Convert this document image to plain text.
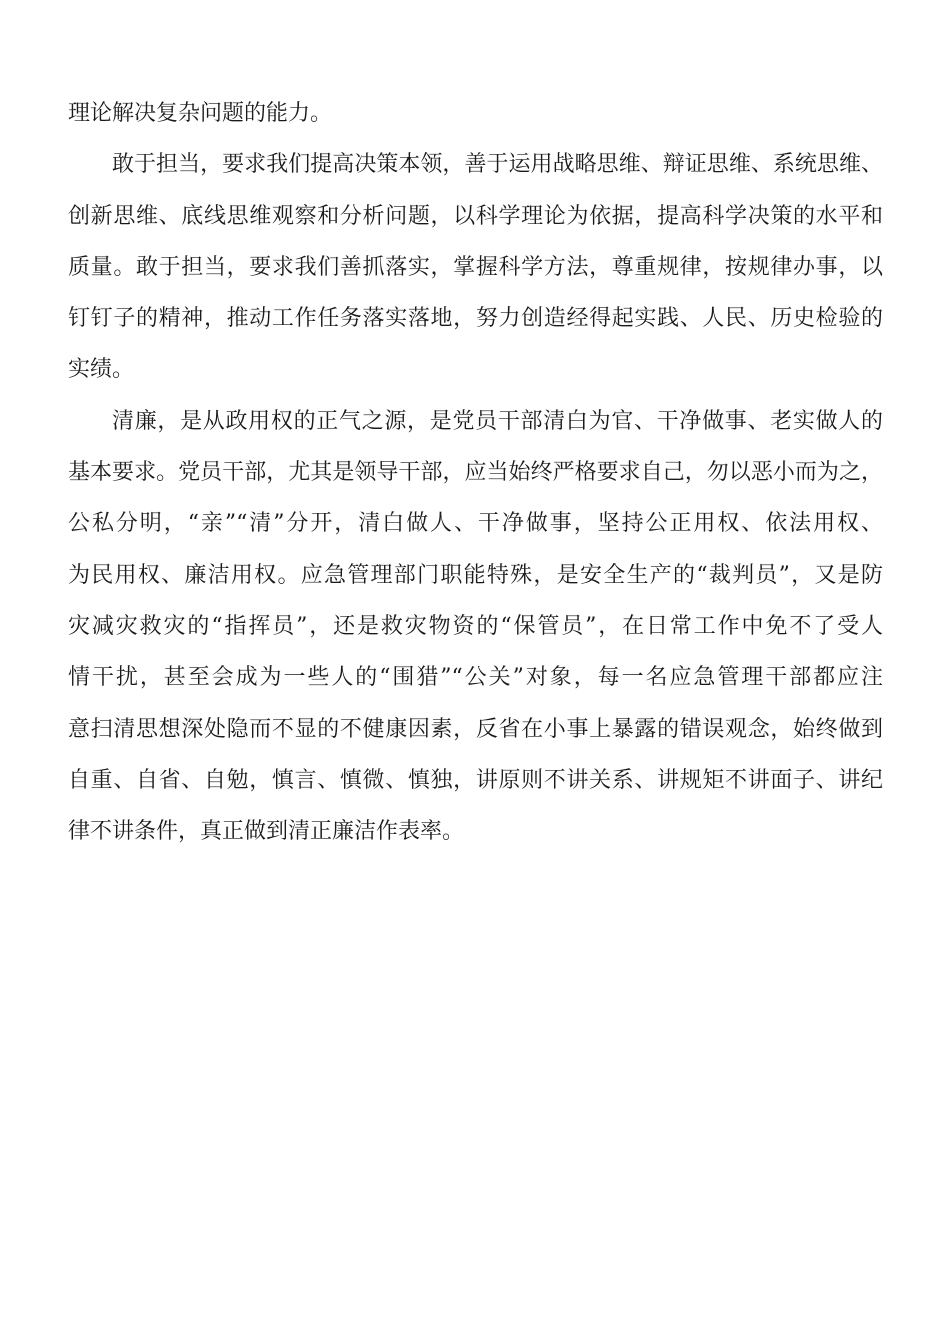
理论解决复杂问题的能力。
敢于担当，要求我们提高决策本领，善于运用战略思维、辩证思维、系统思维、
创新思维、底线思维观察和分析问题，以科学理论为依据，提高科学决策的水平和
质量。敢于担当，要求我们善抓落实，掌握科学方法，尊重规律，按规律办事，以
钉钉子的精神，推动工作任务落实落地，努力创造经得起实践、人民、历史检验的
实绩。
清廉，是从政用权的正气之源，是党员干部清白为官、干净做事、老实做人的
基本要求。党员干部，尤其是领导干部，应当始终严格要求自己，勿以恶小而为之，
公私分明，“亲”“清”分开，清白做人、干净做事，坚持公正用权、依法用权、
为民用权、廉洁用权。应急管理部门职能特殊，是安全生产的“裁判员”，又是防
灾减灾救灾的“指挥员”，还是救灾物资的“保管员”，在日常工作中免不了受人
情干扰，甚至会成为一些人的“围猎”“公关”对象，每一名应急管理干部都应注
意扫清思想深处隐而不显的不健康因素，反省在小事上暴露的错误观念，始终做到
自重、自省、自勉，慎言、慎微、慎独，讲原则不讲关系、讲规矩不讲面子、讲纪
律不讲条件，真正做到清正廉洁作表率。
